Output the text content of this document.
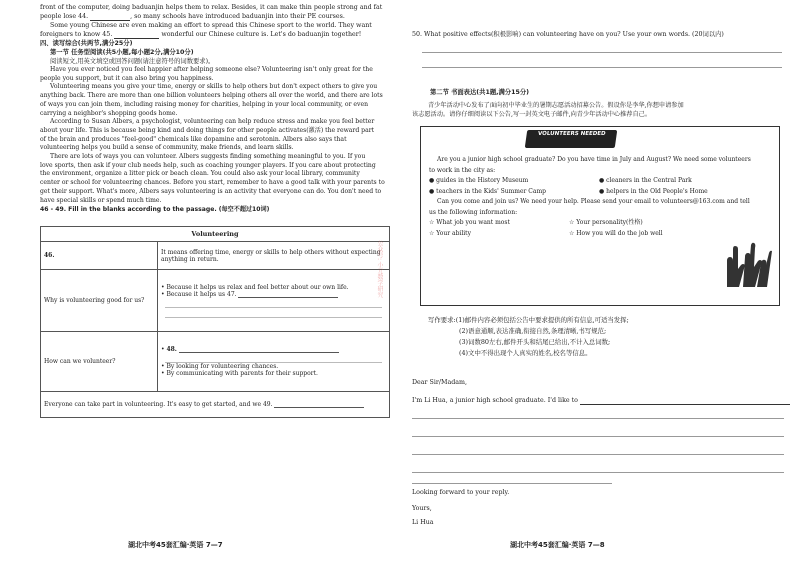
front of the computer, doing baduanjin helps them to relax. Besides, it can make thin people strong and fat

people lose 44.	, so many schools have introduced baduanjin into their PE courses.

Some young Chinese are even making an effort to spread this Chinese sport to the world. They want

foreigners to know 45.	wonderful our Chinese culture is. Let's do baduanjin together!

四、读写综合(共两节,满分25分)

第一节 任务型阅读(共5小题,每小题2分,满分10分)

阅读短文,用英文填空或回答问题(请注意符号的词数要求)。

Have you ever noticed you feel happier after helping someone else? Volunteering isn't only great for the

people you support, but it can also bring you happiness.

Volunteering means you give your time, energy or skills to help others but don't expect others to give you

anything back. There are more than one billion volunteers helping others all over the world, and there are lots

of ways you can join them, including raising money for charities, helping in your local community, or even

carrying a neighbor's shopping goods home.

According to Susan Albers, a psychologist, volunteering can help reduce stress and make you feel better

about your life. This is because being kind and doing things for other people activates(激活) the reward part

of the brain and produces "feel-good" chemicals like dopamine and serotonin. Albers also says that

volunteering helps you build a sense of community, make friends, and learn skills.

There are lots of ways you can volunteer. Albers suggests finding something meaningful to you. If you

love sports, then ask if your club needs help, such as coaching younger players. If you care about protecting

the environment, organize a litter pick or beach clean. You could also ask your local library, community

center or school for volunteering chances. Before you start, remember to have a good talk with your parents to

get their support. What's more, Albers says volunteering is an activity that everyone can do. You don't need to

have special skills or spend much time.

46 - 49. Fill in the blanks according to the passage. (每空不超过10词)

Volunteering	
46.	It means offering time, energy or skills to help others without expecting anything in return.
Why is volunteering good for us?	• Because it helps us relax and feel better about our own life.
• Because it helps us 47.

How can we volunteer?	• 48.
• By looking for volunteering chances.
• By communicating with parents for their support.

Everyone can take part in volunteering. It's easy to get started, and we 49.	
湖北中考45套汇编·英语 7—7
公众号: 小元数学研究
50. What positive effects(积极影响) can volunteering have on you? Use your own words. (20词以内)
第二节 书面表达(共1题,满分15分)

青少年活动中心发布了面向初中毕业生的暑期志愿活动招募公告。假设你是李华,你想申请参加

该志愿活动。请你仔细阅读以下公告,写一封英文电子邮件,向青少年活动中心推荐自己。

VOLUNTEERS NEEDED

Are you a junior high school graduate? Do you have time in July and August? We need some volunteers

to work in the city as:

● guides in the History Museum	● cleaners in the Central Park
● teachers in the Kids' Summer Camp	● helpers in the Old People's Home

Can you come and join us? We need your help. Please send your email to volunteers@163.com and tell

us the following information:

☆ What job you want most	☆ Your personality(性格)
☆ Your ability	☆ How you will do the job well

写作要求:(1)邮件内容必须包括公告中要求提供的所有信息,可适当发挥;

(2)语意通顺,表达准确,衔接自然,条理清晰,书写规范;

(3)词数80左右,邮件开头和结尾已给出,不计入总词数;

(4)文中不得出现个人真实的姓名,校名等信息。

Dear Sir/Madam,
I'm Li Hua, a junior high school graduate. I'd like to
Looking forward to your reply.
Yours,
Li Hua
湖北中考45套汇编·英语 7—8
